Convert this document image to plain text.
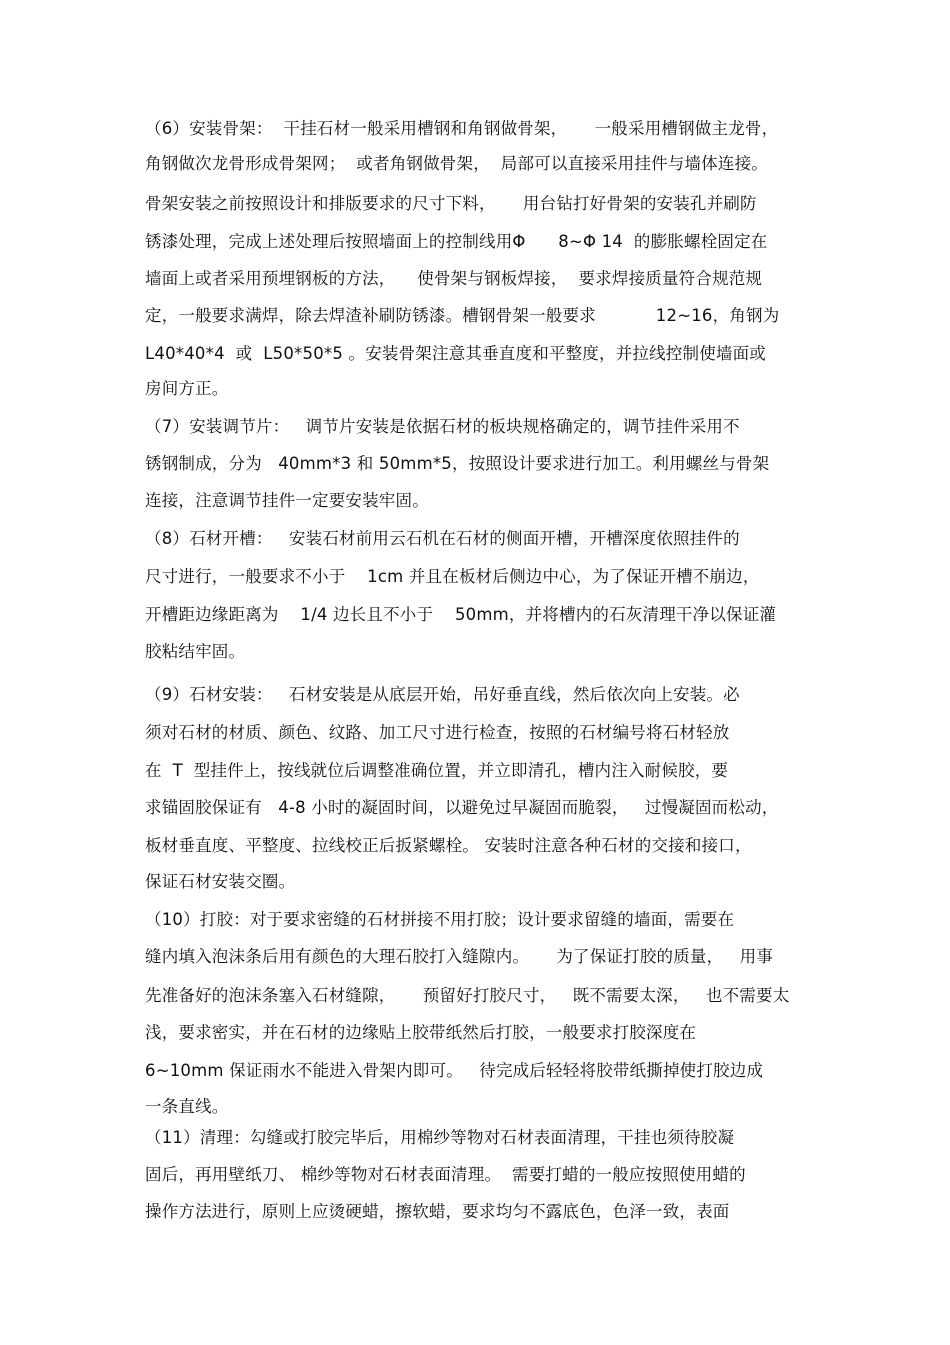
（6）安装骨架：  干挂石材一般采用槽钢和角钢做骨架，     一般采用槽钢做主龙骨，
角钢做次龙骨形成骨架网；  或者角钢做骨架，  局部可以直接采用挂件与墙体连接。
骨架安装之前按照设计和排版要求的尺寸下料，     用台钻打好骨架的安装孔并刷防
锈漆处理，完成上述处理后按照墙面上的控制线用Φ      8~Φ 14  的膨胀螺栓固定在
墙面上或者采用预埋钢板的方法，    使骨架与钢板焊接，  要求焊接质量符合规范规
定，一般要求满焊，除去焊渣补刷防锈漆。槽钢骨架一般要求           12~16，角钢为
L40*40*4  或  L50*50*5 。安装骨架注意其垂直度和平整度，并拉线控制使墙面或
房间方正。
（7）安装调节片：   调节片安装是依据石材的板块规格确定的，调节挂件采用不
锈钢制成，分为   40mm*3 和 50mm*5，按照设计要求进行加工。利用螺丝与骨架
连接，注意调节挂件一定要安装牢固。
（8）石材开槽：   安装石材前用云石机在石材的侧面开槽，开槽深度依照挂件的
尺寸进行，一般要求不小于    1cm 并且在板材后侧边中心，为了保证开槽不崩边，
开槽距边缘距离为    1/4 边长且不小于    50mm，并将槽内的石灰清理干净以保证灌
胶粘结牢固。
（9）石材安装：   石材安装是从底层开始，吊好垂直线，然后依次向上安装。必
须对石材的材质、颜色、纹路、加工尺寸进行检查，按照的石材编号将石材轻放
在  T  型挂件上，按线就位后调整准确位置，并立即清孔，槽内注入耐候胶，要
求锚固胶保证有   4-8 小时的凝固时间，以避免过早凝固而脆裂，   过慢凝固而松动，
板材垂直度、平整度、拉线校正后扳紧螺栓。 安装时注意各种石材的交接和接口，
保证石材安装交圈。
（10）打胶：对于要求密缝的石材拼接不用打胶；设计要求留缝的墙面，需要在
缝内填入泡沫条后用有颜色的大理石胶打入缝隙内。     为了保证打胶的质量，   用事
先准备好的泡沫条塞入石材缝隙，     预留好打胶尺寸，   既不需要太深，   也不需要太
浅，要求密实，并在石材的边缘贴上胶带纸然后打胶，一般要求打胶深度在
6~10mm 保证雨水不能进入骨架内即可。   待完成后轻轻将胶带纸撕掉使打胶边成
一条直线。
（11）清理：勾缝或打胶完毕后，用棉纱等物对石材表面清理，干挂也须待胶凝
固后，再用壁纸刀、 棉纱等物对石材表面清理。  需要打蜡的一般应按照使用蜡的
操作方法进行，原则上应烫硬蜡，擦软蜡，要求均匀不露底色，色泽一致，表面
